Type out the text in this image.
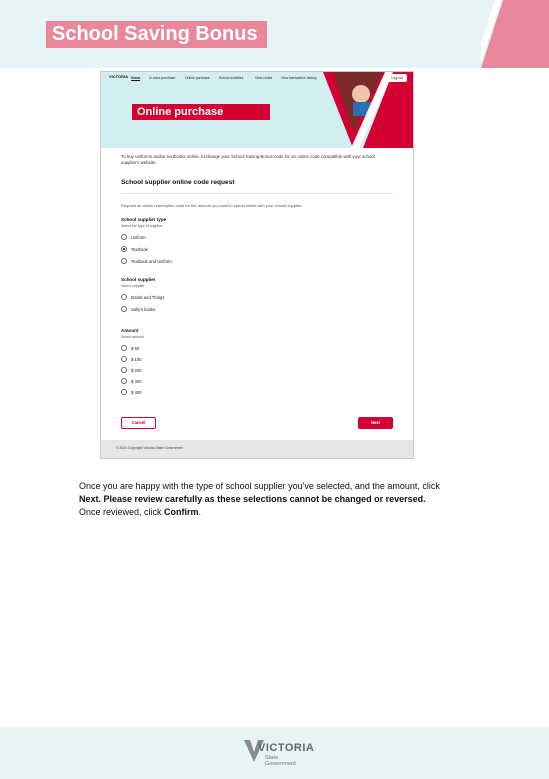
School Saving Bonus
VICTORIA Home	In-store purchase	Online purchase	School activities	View codes	View transaction history	Log out
Online purchase
To buy uniforms and/or textbooks online, exchange your School Saving Bonus code for an online code compatible with your school supplier's website.
School supplier online code request
Request an online redemption code for the amount you want to spend online with your school supplier.
School supplier type
Select the type of supplier
Uniform
Textbook
Textbook and Uniform
School supplier
Select supplier
Books and Things
Sally's books
Amount
Select amount
$ 50
$ 100
$ 200
$ 300
$ 400
Cancel	Next
© 2024 Copyright Victoria State Government
Once you are happy with the type of school supplier you've selected, and the amount, click
Next. Please review carefully as these selections cannot be changed or reversed.
Once reviewed, click Confirm.
VICTORIA
State
Government
